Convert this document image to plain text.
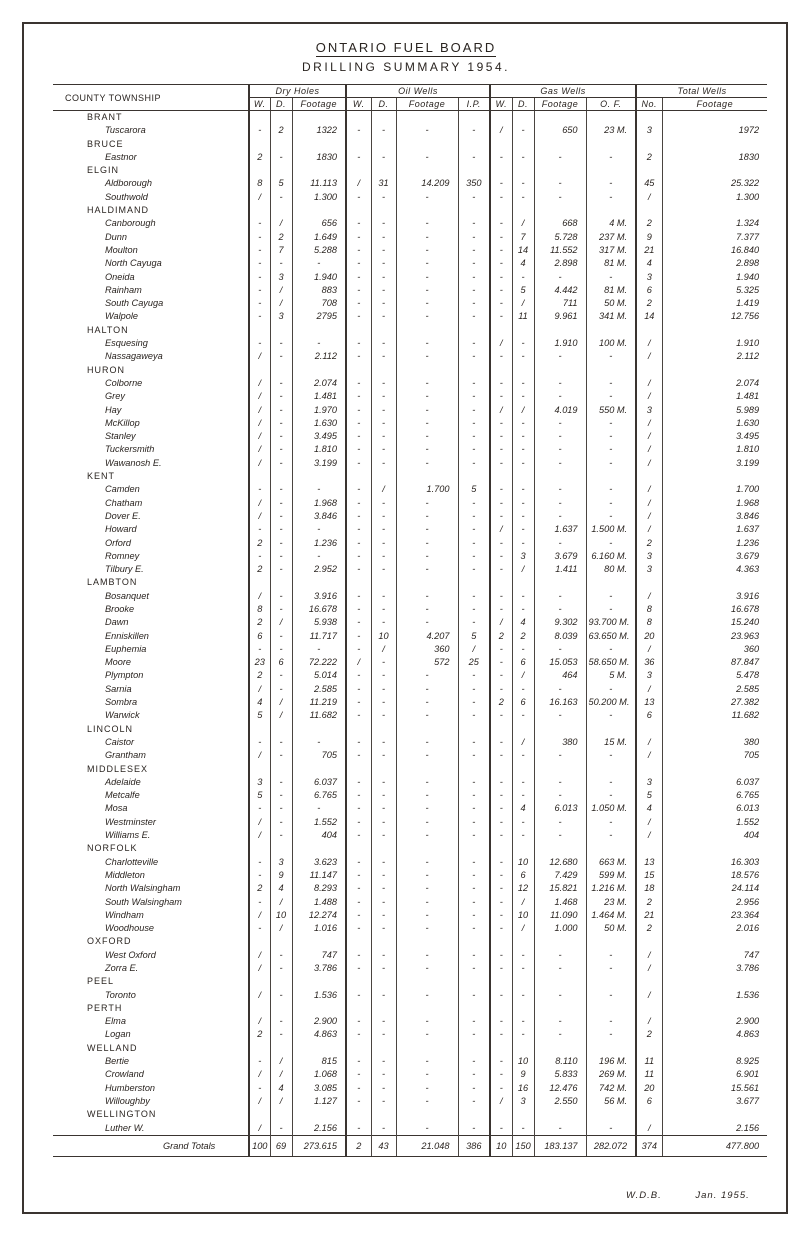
ONTARIO FUEL BOARD
DRILLING SUMMARY 1954.
COUNTY TOWNSHIP	Dry Holes			Oil Wells				Gas Wells				Total Wells	
	W.	D.	Footage	W.	D.	Footage	I.P.	W.	D.	Footage	O. F.	No.	Footage
BRANT													
Tuscarora	-	2	1322	-	-	-	-	/	-	650	23 M.	3	1972
BRUCE													
Eastnor	2	-	1830	-	-	-	-	-	-	-	-	2	1830
ELGIN													
Aldborough	8	5	11.113	/	31	14.209	350	-	-	-	-	45	25.322
Southwold	/	-	1.300	-	-	-	-	-	-	-	-	/	1.300
HALDIMAND													
Canborough	-	/	656	-	-	-	-	-	/	668	4 M.	2	1.324
Dunn	-	2	1.649	-	-	-	-	-	7	5.728	237 M.	9	7.377
Moulton	-	7	5.288	-	-	-	-	-	14	11.552	317 M.	21	16.840
North Cayuga	-	-	-	-	-	-	-	-	4	2.898	81 M.	4	2.898
Oneida	-	3	1.940	-	-	-	-	-	-	-	-	3	1.940
Rainham	-	/	883	-	-	-	-	-	5	4.442	81 M.	6	5.325
South Cayuga	-	/	708	-	-	-	-	-	/	711	50 M.	2	1.419
Walpole	-	3	2795	-	-	-	-	-	11	9.961	341 M.	14	12.756
HALTON													
Esquesing	-	-	-	-	-	-	-	/	-	1.910	100 M.	/	1.910
Nassagaweya	/	-	2.112	-	-	-	-	-	-	-	-	/	2.112
HURON													
Colborne	/	-	2.074	-	-	-	-	-	-	-	-	/	2.074
Grey	/	-	1.481	-	-	-	-	-	-	-	-	/	1.481
Hay	/	-	1.970	-	-	-	-	/	/	4.019	550 M.	3	5.989
McKillop	/	-	1.630	-	-	-	-	-	-	-	-	/	1.630
Stanley	/	-	3.495	-	-	-	-	-	-	-	-	/	3.495
Tuckersmith	/	-	1.810	-	-	-	-	-	-	-	-	/	1.810
Wawanosh E.	/	-	3.199	-	-	-	-	-	-	-	-	/	3.199
KENT													
Camden	-	-	-	-	/	1.700	5	-	-	-	-	/	1.700
Chatham	/	-	1.968	-	-	-	-	-	-	-	-	/	1.968
Dover E.	/	-	3.846	-	-	-	-	-	-	-	-	/	3.846
Howard	-	-	-	-	-	-	-	/	-	1.637	1.500 M.	/	1.637
Orford	2	-	1.236	-	-	-	-	-	-	-	-	2	1.236
Romney	-	-	-	-	-	-	-	-	3	3.679	6.160 M.	3	3.679
Tilbury E.	2	-	2.952	-	-	-	-	-	/	1.411	80 M.	3	4.363
LAMBTON													
Bosanquet	/	-	3.916	-	-	-	-	-	-	-	-	/	3.916
Brooke	8	-	16.678	-	-	-	-	-	-	-	-	8	16.678
Dawn	2	/	5.938	-	-	-	-	/	4	9.302	93.700 M.	8	15.240
Enniskillen	6	-	11.717	-	10	4.207	5	2	2	8.039	63.650 M.	20	23.963
Euphemia	-	-	-	-	/	360	/	-	-	-	-	/	360
Moore	23	6	72.222	/	-	572	25	-	6	15.053	58.650 M.	36	87.847
Plympton	2	-	5.014	-	-	-	-	-	/	464	5 M.	3	5.478
Sarnia	/	-	2.585	-	-	-	-	-	-	-	-	/	2.585
Sombra	4	/	11.219	-	-	-	-	2	6	16.163	50.200 M.	13	27.382
Warwick	5	/	11.682	-	-	-	-	-	-	-	-	6	11.682
LINCOLN													
Caistor	-	-	-	-	-	-	-	-	/	380	15 M.	/	380
Grantham	/	-	705	-	-	-	-	-	-	-	-	/	705
MIDDLESEX													
Adelaide	3	-	6.037	-	-	-	-	-	-	-	-	3	6.037
Metcalfe	5	-	6.765	-	-	-	-	-	-	-	-	5	6.765
Mosa	-	-	-	-	-	-	-	-	4	6.013	1.050 M.	4	6.013
Westminster	/	-	1.552	-	-	-	-	-	-	-	-	/	1.552
Williams E.	/	-	404	-	-	-	-	-	-	-	-	/	404
NORFOLK													
Charlotteville	-	3	3.623	-	-	-	-	-	10	12.680	663 M.	13	16.303
Middleton	-	9	11.147	-	-	-	-	-	6	7.429	599 M.	15	18.576
North Walsingham	2	4	8.293	-	-	-	-	-	12	15.821	1.216 M.	18	24.114
South Walsingham	-	/	1.488	-	-	-	-	-	/	1.468	23 M.	2	2.956
Windham	/	10	12.274	-	-	-	-	-	10	11.090	1.464 M.	21	23.364
Woodhouse	-	/	1.016	-	-	-	-	-	/	1.000	50 M.	2	2.016
OXFORD													
West Oxford	/	-	747	-	-	-	-	-	-	-	-	/	747
Zorra E.	/	-	3.786	-	-	-	-	-	-	-	-	/	3.786
PEEL													
Toronto	/	-	1.536	-	-	-	-	-	-	-	-	/	1.536
PERTH													
Elma	/	-	2.900	-	-	-	-	-	-	-	-	/	2.900
Logan	2	-	4.863	-	-	-	-	-	-	-	-	2	4.863
WELLAND													
Bertie	-	/	815	-	-	-	-	-	10	8.110	196 M.	11	8.925
Crowland	/	/	1.068	-	-	-	-	-	9	5.833	269 M.	11	6.901
Humberston	-	4	3.085	-	-	-	-	-	16	12.476	742 M.	20	15.561
Willoughby	/	/	1.127	-	-	-	-	/	3	2.550	56 M.	6	3.677
WELLINGTON													
Luther W.	/	-	2.156	-	-	-	-	-	-	-	-	/	2.156
Grand Totals	100	69	273.615	2	43	21.048	386	10	150	183.137	282.072	374	477.800
W.D.B.	Jan. 1955.
